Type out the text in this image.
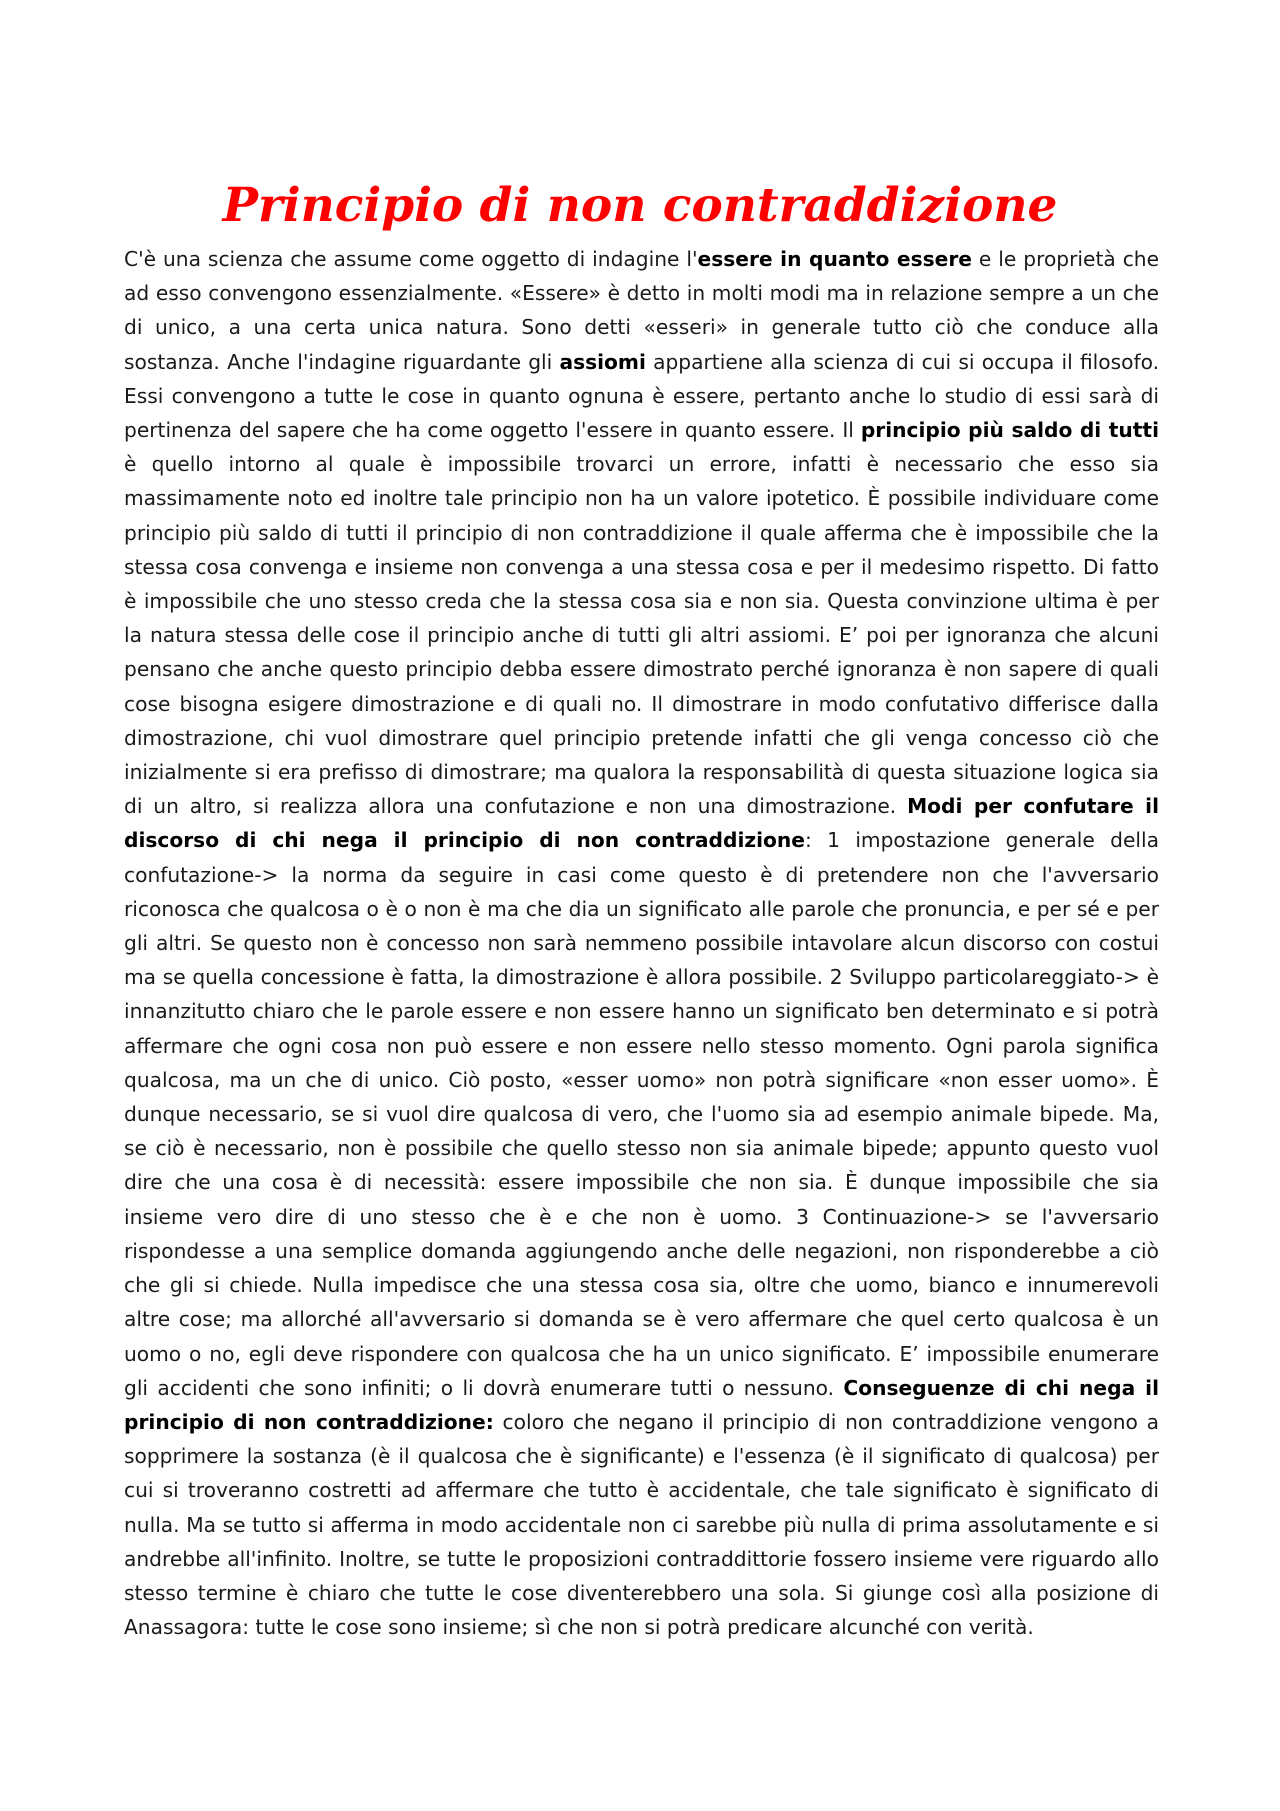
Principio di non contraddizione

C'è una scienza che assume come oggetto di indagine l'essere in quanto essere e le proprietà che ad esso convengono essenzialmente. «Essere» è detto in molti modi ma in relazione sempre a un che di unico, a una certa unica natura. Sono detti «esseri» in generale tutto ciò che conduce alla sostanza. Anche l'indagine riguardante gli assiomi appartiene alla scienza di cui si occupa il filosofo. Essi convengono a tutte le cose in quanto ognuna è essere, pertanto anche lo studio di essi sarà di pertinenza del sapere che ha come oggetto l'essere in quanto essere. Il principio più saldo di tutti è quello intorno al quale è impossibile trovarci un errore, infatti è necessario che esso sia massimamente noto ed inoltre tale principio non ha un valore ipotetico. È possibile individuare come principio più saldo di tutti il principio di non contraddizione il quale afferma che è impossibile che la stessa cosa convenga e insieme non convenga a una stessa cosa e per il medesimo rispetto. Di fatto è impossibile che uno stesso creda che la stessa cosa sia e non sia. Questa convinzione ultima è per la natura stessa delle cose il principio anche di tutti gli altri assiomi. E’ poi per ignoranza che alcuni pensano che anche questo principio debba essere dimostrato perché ignoranza è non sapere di quali cose bisogna esigere dimostrazione e di quali no. Il dimostrare in modo confutativo differisce dalla dimostrazione, chi vuol dimostrare quel principio pretende infatti che gli venga concesso ciò che inizialmente si era prefisso di dimostrare; ma qualora la responsabilità di questa situazione logica sia di un altro, si realizza allora una confutazione e non una dimostrazione. Modi per confutare il discorso di chi nega il principio di non contraddizione: 1 impostazione generale della confutazione-> la norma da seguire in casi come questo è di pretendere non che l'avversario riconosca che qualcosa o è o non è ma che dia un significato alle parole che pronuncia, e per sé e per gli altri. Se questo non è concesso non sarà nemmeno possibile intavolare alcun discorso con costui ma se quella concessione è fatta, la dimostrazione è allora possibile. 2 Sviluppo particolareggiato-> è innanzitutto chiaro che le parole essere e non essere hanno un significato ben determinato e si potrà affermare che ogni cosa non può essere e non essere nello stesso momento. Ogni parola significa qualcosa, ma un che di unico. Ciò posto, «esser uomo» non potrà significare «non esser uomo». È dunque necessario, se si vuol dire qualcosa di vero, che l'uomo sia ad esempio animale bipede. Ma, se ciò è necessario, non è possibile che quello stesso non sia animale bipede; appunto questo vuol dire che una cosa è di necessità: essere impossibile che non sia. È dunque impossibile che sia insieme vero dire di uno stesso che è e che non è uomo. 3 Continuazione-> se l'avversario rispondesse a una semplice domanda aggiungendo anche delle negazioni, non risponderebbe a ciò che gli si chiede. Nulla impedisce che una stessa cosa sia, oltre che uomo, bianco e innumerevoli altre cose; ma allorché all'avversario si domanda se è vero affermare che quel certo qualcosa è un uomo o no, egli deve rispondere con qualcosa che ha un unico significato. E’ impossibile enumerare gli accidenti che sono infiniti; o li dovrà enumerare tutti o nessuno. Conseguenze di chi nega il principio di non contraddizione: coloro che negano il principio di non contraddizione vengono a sopprimere la sostanza (è il qualcosa che è significante) e l'essenza (è il significato di qualcosa) per cui si troveranno costretti ad affermare che tutto è accidentale, che tale significato è significato di nulla. Ma se tutto si afferma in modo accidentale non ci sarebbe più nulla di prima assolutamente e si andrebbe all'infinito. Inoltre, se tutte le proposizioni contraddittorie fossero insieme vere riguardo allo stesso termine è chiaro che tutte le cose diventerebbero una sola. Si giunge così alla posizione di Anassagora: tutte le cose sono insieme; sì che non si potrà predicare alcunché con verità.
